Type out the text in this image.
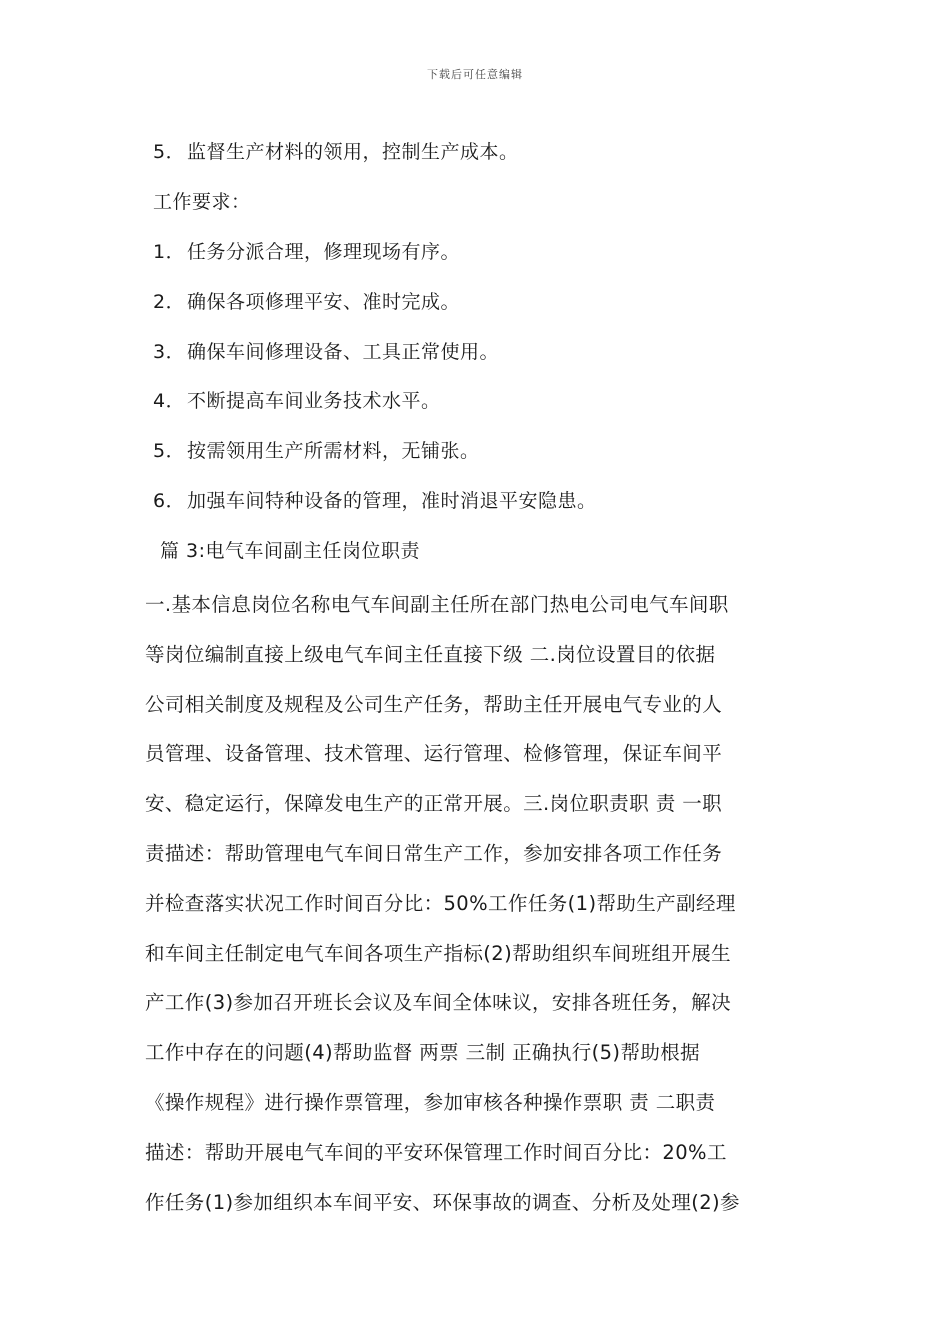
下载后可任意编辑
5． 监督生产材料的领用，控制生产成本。
工作要求：
1． 任务分派合理，修理现场有序。
2． 确保各项修理平安、准时完成。
3． 确保车间修理设备、工具正常使用。
4． 不断提高车间业务技术水平。
5． 按需领用生产所需材料，无铺张。
6． 加强车间特种设备的管理，准时消退平安隐患。
篇 3:电气车间副主任岗位职责
一.基本信息岗位名称电气车间副主任所在部门热电公司电气车间职
等岗位编制直接上级电气车间主任直接下级 二.岗位设置目的依据
公司相关制度及规程及公司生产任务，帮助主任开展电气专业的人
员管理、设备管理、技术管理、运行管理、检修管理，保证车间平
安、稳定运行，保障发电生产的正常开展。三.岗位职责职 责 一职
责描述：帮助管理电气车间日常生产工作，参加安排各项工作任务
并检查落实状况工作时间百分比：50%工作任务(1)帮助生产副经理
和车间主任制定电气车间各项生产指标(2)帮助组织车间班组开展生
产工作(3)参加召开班长会议及车间全体味议，安排各班任务，解决
工作中存在的问题(4)帮助监督 两票 三制 正确执行(5)帮助根据
《操作规程》进行操作票管理，参加审核各种操作票职 责 二职责
描述：帮助开展电气车间的平安环保管理工作时间百分比：20%工
作任务(1)参加组织本车间平安、环保事故的调查、分析及处理(2)参
